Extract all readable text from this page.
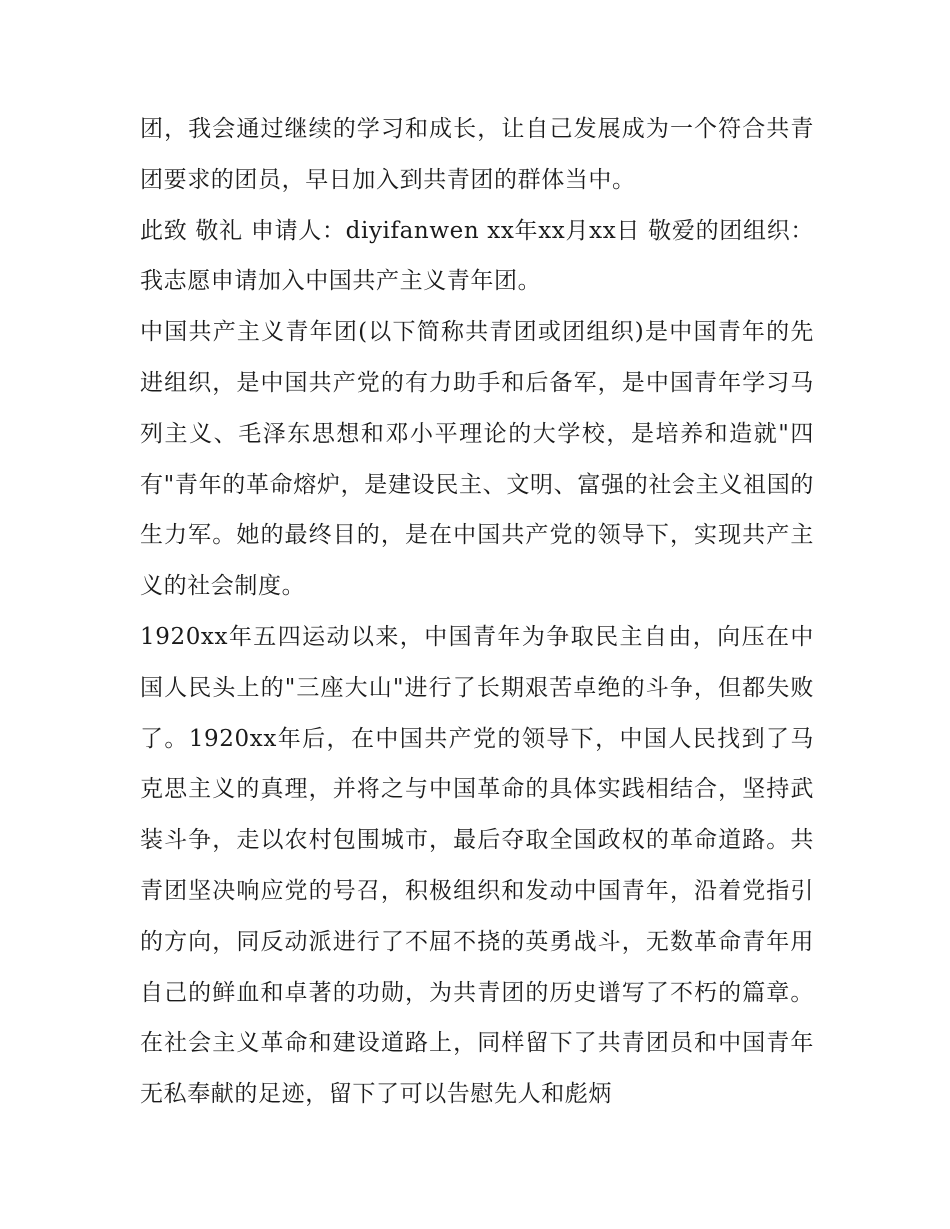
团，我会通过继续的学习和成长，让自己发展成为一个符合共青团要求的团员，早日加入到共青团的群体当中。

此致 敬礼 申请人：diyifanwen xx年xx月xx日 敬爱的团组织： 我志愿申请加入中国共产主义青年团。

中国共产主义青年团(以下简称共青团或团组织)是中国青年的先进组织，是中国共产党的有力助手和后备军，是中国青年学习马列主义、毛泽东思想和邓小平理论的大学校，是培养和造就"四有"青年的革命熔炉，是建设民主、文明、富强的社会主义祖国的生力军。她的最终目的，是在中国共产党的领导下，实现共产主义的社会制度。

1920xx年五四运动以来，中国青年为争取民主自由，向压在中国人民头上的"三座大山"进行了长期艰苦卓绝的斗争，但都失败了。1920xx年后，在中国共产党的领导下，中国人民找到了马克思主义的真理，并将之与中国革命的具体实践相结合，坚持武装斗争，走以农村包围城市，最后夺取全国政权的革命道路。共青团坚决响应党的号召，积极组织和发动中国青年，沿着党指引的方向，同反动派进行了不屈不挠的英勇战斗，无数革命青年用自己的鲜血和卓著的功勋，为共青团的历史谱写了不朽的篇章。在社会主义革命和建设道路上，同样留下了共青团员和中国青年无私奉献的足迹，留下了可以告慰先人和彪炳
